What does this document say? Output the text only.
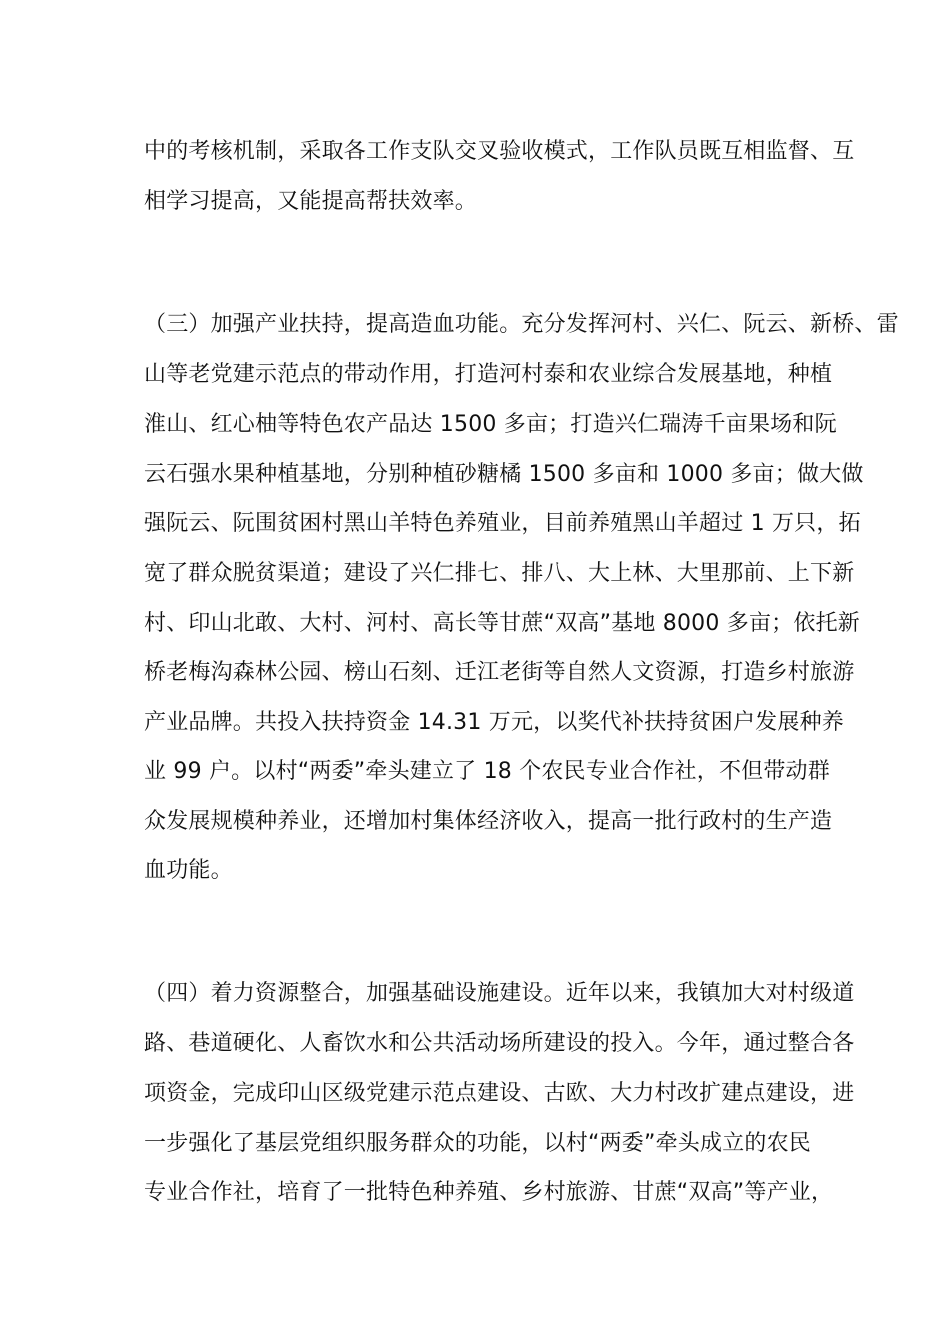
中的考核机制，采取各工作支队交叉验收模式，工作队员既互相监督、互
相学习提高，又能提高帮扶效率。
（三）加强产业扶持，提高造血功能。充分发挥河村、兴仁、阮云、新桥、雷
山等老党建示范点的带动作用，打造河村泰和农业综合发展基地，种植
淮山、红心柚等特色农产品达 1500 多亩；打造兴仁瑞涛千亩果场和阮
云石强水果种植基地，分别种植砂糖橘 1500 多亩和 1000 多亩；做大做
强阮云、阮围贫困村黑山羊特色养殖业，目前养殖黑山羊超过 1 万只，拓
宽了群众脱贫渠道；建设了兴仁排七、排八、大上林、大里那前、上下新
村、印山北敢、大村、河村、高长等甘蔗“双高”基地 8000 多亩；依托新
桥老梅沟森林公园、榜山石刻、迁江老街等自然人文资源，打造乡村旅游
产业品牌。共投入扶持资金 14.31 万元，以奖代补扶持贫困户发展种养
业 99 户。以村“两委”牵头建立了 18 个农民专业合作社，不但带动群
众发展规模种养业，还增加村集体经济收入，提高一批行政村的生产造
血功能。
（四）着力资源整合，加强基础设施建设。近年以来，我镇加大对村级道
路、巷道硬化、人畜饮水和公共活动场所建设的投入。今年，通过整合各
项资金，完成印山区级党建示范点建设、古欧、大力村改扩建点建设，进
一步强化了基层党组织服务群众的功能，以村“两委”牵头成立的农民
专业合作社，培育了一批特色种养殖、乡村旅游、甘蔗“双高”等产业，
